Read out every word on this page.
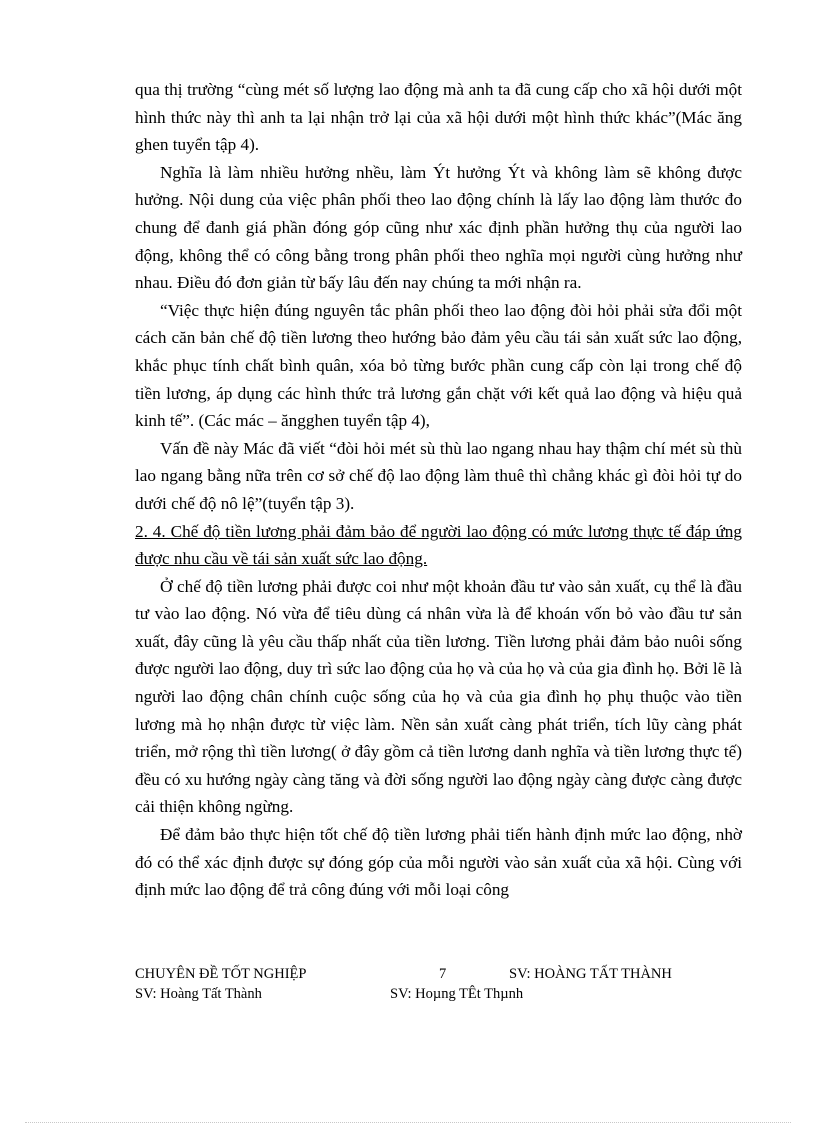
qua thị trường “cùng mét số lượng lao động mà anh ta đã cung cấp cho xã hội dưới một hình thức này thì anh ta lại nhận trở lại của xã hội dưới một hình thức khác”(Mác ăng ghen tuyển tập 4).

Nghĩa là làm nhiều hưởng nhều, làm Ýt hưởng Ýt và không làm sẽ không được hưởng. Nội dung của việc phân phối theo lao động chính là lấy lao động làm thước đo chung để đanh giá phần đóng góp cũng như xác định phần hưởng thụ của người lao động, không thể có công bằng trong phân phối theo nghĩa mọi người cùng hưởng như nhau. Điều đó đơn giản từ bấy lâu đến nay chúng ta mới nhận ra.

“Việc thực hiện đúng nguyên tắc phân phối theo lao động đòi hỏi phải sửa đổi một cách căn bản chế độ tiền lương theo hướng bảo đảm yêu cầu tái sản xuất sức lao động, khắc phục tính chất bình quân, xóa bỏ từng bước phần cung cấp còn lại trong chế độ tiền lương, áp dụng các hình thức trả lương gắn chặt với kết quả lao động và hiệu quả kinh tế”. (Các mác – ăngghen tuyển tập 4),

Vấn đề này Mác đã viết “đòi hỏi mét sù thù lao ngang nhau hay thậm chí mét sù thù lao ngang bằng nữa trên cơ sở chế độ lao động làm thuê thì chẳng khác gì đòi hỏi tự do dưới chế độ nô lệ”(tuyển tập 3).

2. 4. Chế độ tiền lương phải đảm bảo để người lao động có mức lương thực tế đáp ứng được nhu cầu về tái sản xuất sức lao động.

Ở chế độ tiền lương phải được coi như một khoản đầu tư vào sản xuất, cụ thể là đầu tư vào lao động. Nó vừa để tiêu dùng cá nhân vừa là để khoán vốn bỏ vào đầu tư sản xuất, đây cũng là yêu cầu thấp nhất của tiền lương. Tiền lương phải đảm bảo nuôi sống được người lao động, duy trì sức lao động của họ và của họ và của gia đình họ. Bởi lẽ là người lao động chân chính cuộc sống của họ và của gia đình họ phụ thuộc vào tiền lương mà họ nhận được từ việc làm. Nền sản xuất càng phát triển, tích lũy càng phát triển, mở rộng thì tiền lương( ở đây gồm cả tiền lương danh nghĩa và tiền lương thực tế) đều có xu hướng ngày càng tăng và đời sống người lao động ngày càng được càng được cải thiện không ngừng.

Để đảm bảo thực hiện tốt chế độ tiền lương phải tiến hành định mức lao động, nhờ đó có thể xác định được sự đóng góp của mỗi người vào sản xuất của xã hội. Cùng với định mức lao động để trả công đúng với mỗi loại công

CHUYÊN ĐỀ TỐT NGHIỆP	7	SV: HOÀNG TẤT THÀNH
SV: Hoàng Tất Thành	SV: Hoµng TÊt Thµnh
